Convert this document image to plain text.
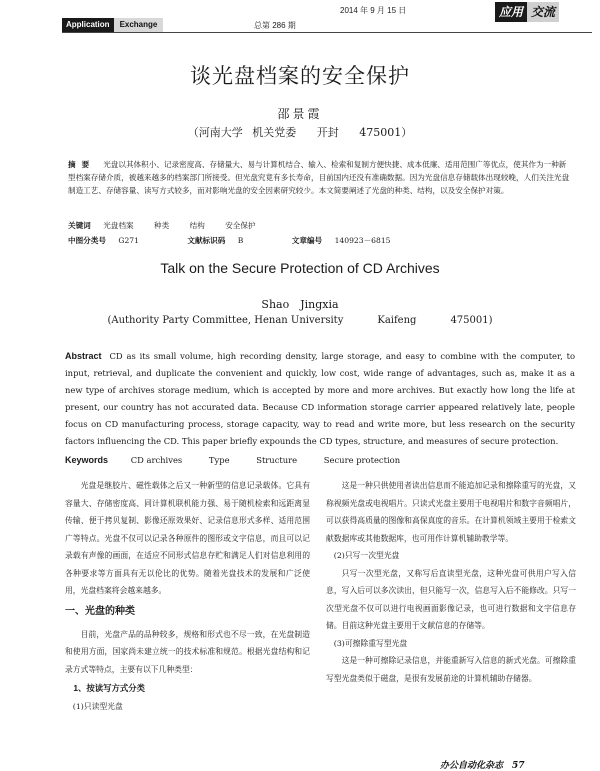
Application	Exchange	总第 286 期
2014 年 9 月 15 日	应用 交流
谈光盘档案的安全保护
邵景霞
（河南大学 机关党委　 开封　 475001）
摘要 光盘以其体积小、记录密度高、存储量大、易与计算机结合、输入、检索和复制方便快捷、成本低廉、适用范围广等优点，使其作为一种新型档案存储介质，被越来越多的档案部门所接受。但光盘究竟有多长寿命，目前国内还没有准确数据。因为光盘信息存储载体出现较晚，人们关注光盘制造工艺、存储容量、读写方式较多，而对影响光盘的安全因素研究较少。本文简要阐述了光盘的种类、结构，以及安全保护对策。
关键词 光盘档案	种类	结构	安全保护
中图分类号 G271	文献标识码 B	文章编号 140923－6815
Talk on the Secure Protection of CD Archives
Shao　Jingxia
(Authority Party Committee, Henan University	Kaifeng	475001)
Abstract CD as its small volume, high recording density, large storage, and easy to combine with the computer, to input, retrieval, and duplicate the convenient and quickly, low cost, wide range of advantages, such as, make it as a new type of archives storage medium, which is accepted by more and more archives. But exactly how long the life at present, our country has not accurated data. Because CD information storage carrier appeared relatively late, people focus on CD manufacturing process, storage capacity, way to read and write more, but less research on the security factors influencing the CD. This paper briefly expounds the CD types, structure, and measures of secure protection.
Keywords	CD archives	Type	Structure	Secure protection

光盘是继胶片、磁性载体之后又一种新型的信息记录载体。它具有容量大、存储密度高、同计算机联机能力强、易于随机检索和远距离显传输、便于拷贝复制、影像还原效果好、记录信息形式多样、适用范围广等特点。光盘不仅可以记录各种原件的图形或文字信息，而且可以记录载有声像的画面，在适应不同形式信息存贮和满足人们对信息利用的各种要求等方面具有无以伦比的优势。随着光盘技术的发展和广泛使用，光盘档案将会越来越多。

一、光盘的种类

目前，光盘产品的品种较多，规格和形式也不尽一致，在光盘制造和使用方面，国家尚未建立统一的技术标准和规范。根据光盘结构和记录方式等特点，主要有以下几种类型：

1、按读写方式分类

(1)只读型光盘

这是一种只供使用者读出信息而不能追加记录和擦除重写的光盘，又称视频光盘或电视唱片。只读式光盘主要用于电视唱片和数字音频唱片，可以获得高质量的图像和高保真度的音乐。在计算机领域主要用于检索文献数据库或其他数据库，也可用作计算机辅助教学等。

(2)只写一次型光盘

只写一次型光盘，又称写后直读型光盘，这种光盘可供用户写入信息，写入后可以多次读出，但只能写一次，信息写入后不能修改。只写一次型光盘不仅可以进行电视画面影像记录，也可进行数据和文字信息存储。目前这种光盘主要用于文献信息的存储等。

(3)可擦除重写型光盘

这是一种可擦除记录信息，并能重新写入信息的新式光盘。可擦除重写型光盘类似于磁盘，是很有发展前途的计算机辅助存储器。

办公自动化杂志　57
